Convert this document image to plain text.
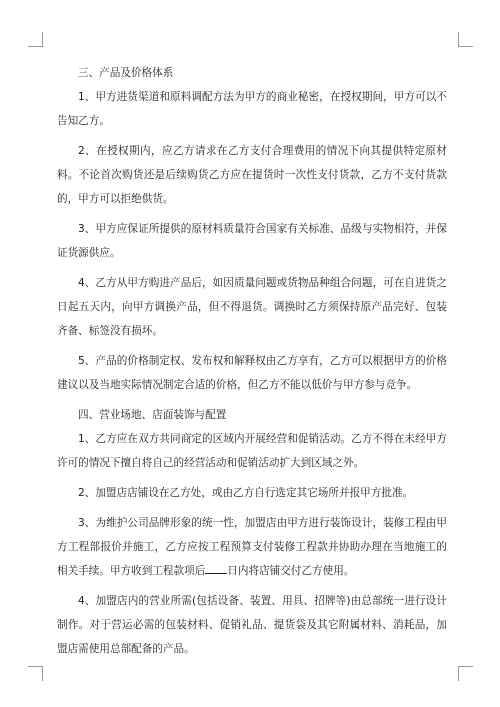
三、产品及价格体系

1、甲方进货渠道和原料调配方法为甲方的商业秘密，在授权期间，甲方可以不告知乙方。

2、在授权期内，应乙方请求在乙方支付合理费用的情况下向其提供特定原材料。不论首次购货还是后续购货乙方应在提货时一次性支付货款，乙方不支付货款的，甲方可以拒绝供货。

3、甲方应保证所提供的原材料质量符合国家有关标准、品级与实物相符，并保证货源供应。

4、乙方从甲方购进产品后，如因质量问题或货物品种组合问题，可在自进货之日起五天内，向甲方调换产品，但不得退货。调换时乙方须保持原产品完好、包装齐备、标签没有损坏。

5、产品的价格制定权、发布权和解释权由乙方享有，乙方可以根据甲方的价格建议以及当地实际情况制定合适的价格，但乙方不能以低价与甲方参与竞争。

四、营业场地、店面装饰与配置

1、乙方应在双方共同商定的区域内开展经营和促销活动。乙方不得在未经甲方许可的情况下擅自将自己的经营活动和促销活动扩大到区域之外。

2、加盟店店铺设在乙方处，或由乙方自行选定其它场所并报甲方批准。

3、为维护公司品牌形象的统一性，加盟店由甲方进行装饰设计，装修工程由甲方工程部报价并施工，乙方应按工程预算支付装修工程款并协助办理在当地施工的相关手续。甲方收到工程款项后 日内将店铺交付乙方使用。

4、加盟店内的营业所需(包括设备、装置、用具、招牌等)由总部统一进行设计制作。对于营运必需的包装材料、促销礼品、提货袋及其它附属材料、消耗品，加盟店需使用总部配备的产品。
